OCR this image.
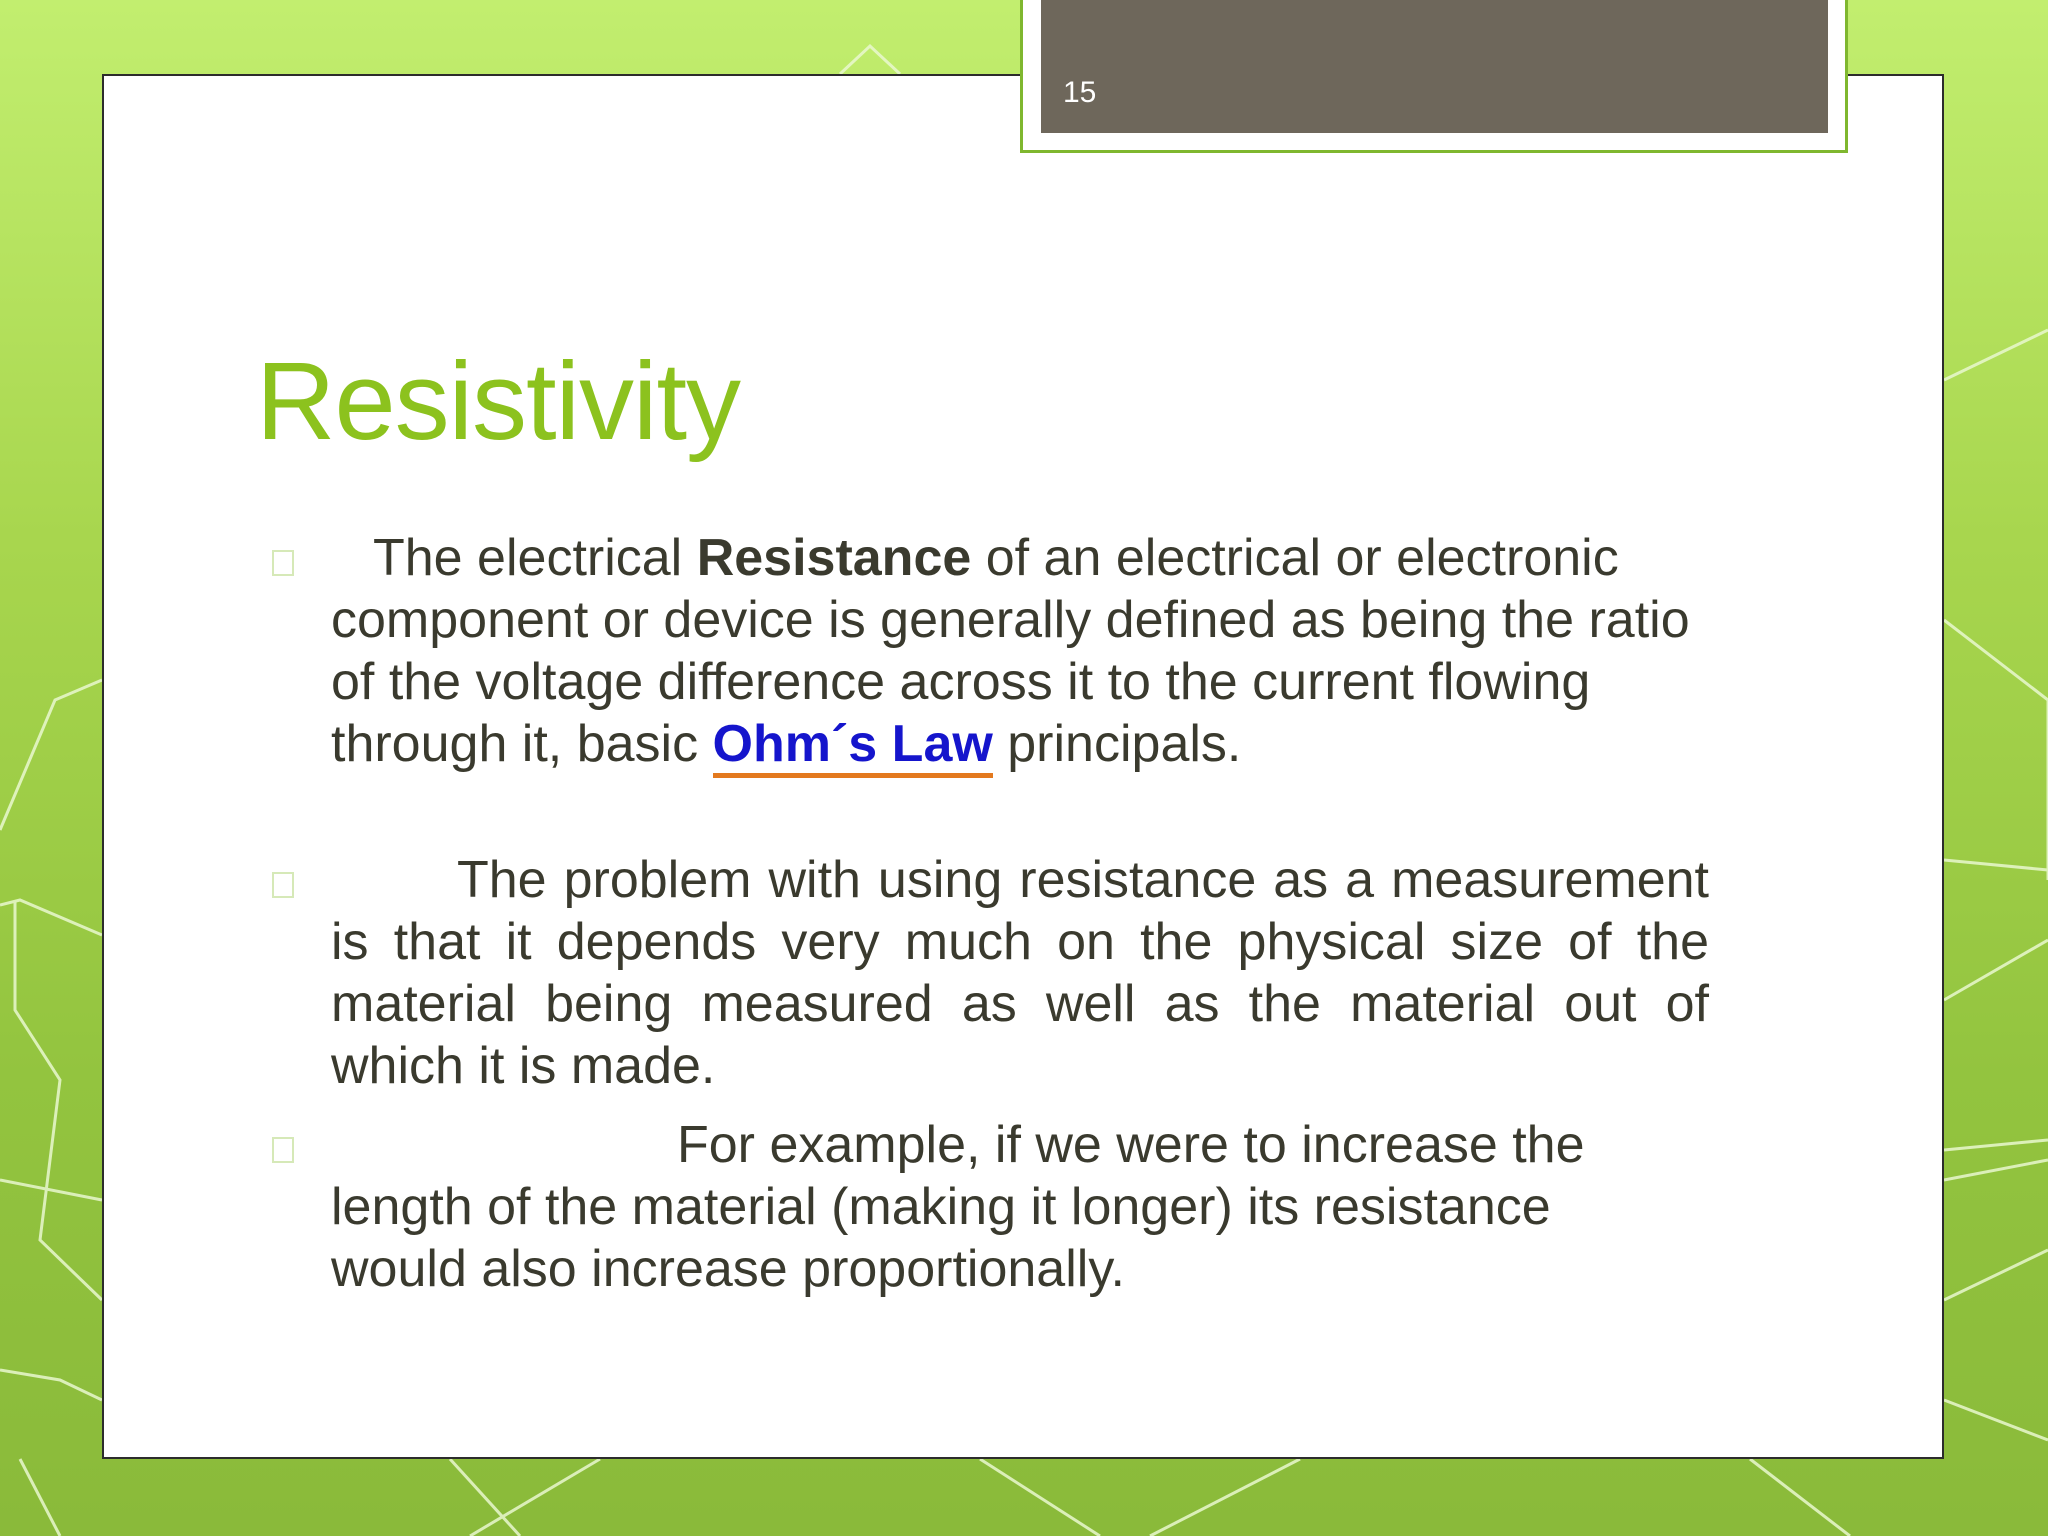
15
Resistivity

The electrical Resistance of an electrical or electronic component or device is generally defined as being the ratio of the voltage difference across it to the current flowing through it, basic Ohm´s Law principals.

The problem with using resistance as a measurement is that it depends very much on the physical size of the material being measured as well as the material out of which it is made.

For example, if we were to increase the length of the material (making it longer) its resistance would also increase proportionally.
